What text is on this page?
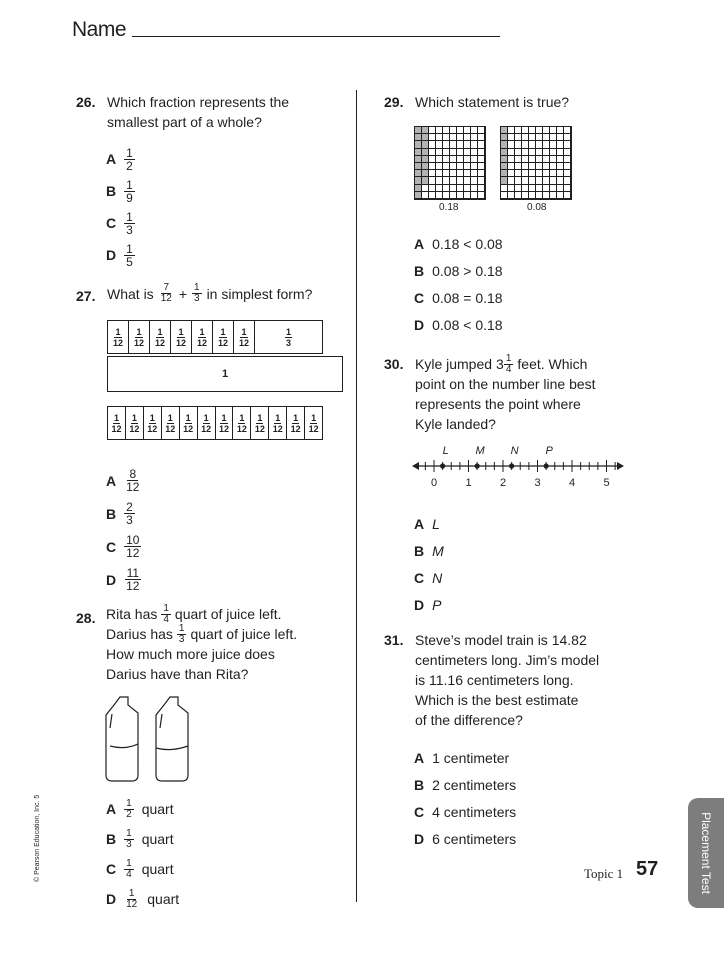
Name
26. Which fraction represents the
smallest part of a whole?
A $\frac{1}{2}$
B $\frac{1}{9}$
C $\frac{1}{3}$
D $\frac{1}{5}$
27. What is $\frac{7}{12} + \frac{1}{3}$ in simplest form?
1
12
1
12
1
12
1
12
1
12
1
12
1
12
1
3
1
1
12
1
12
1
12
1
12
1
12
1
12
1
12
1
12
1
12
1
12
1
12
1
12
A $\frac{8}{12}$
B $\frac{2}{3}$
C $\frac{10}{12}$
D $\frac{11}{12}$
28. Rita has $\frac{1}{4}$ quart of juice left.
Darius has $\frac{1}{3}$ quart of juice left.
How much more juice does
Darius have than Rita?
A $\frac{1}{2}$ quart
B $\frac{1}{3}$ quart
C $\frac{1}{4}$ quart
D $\frac{1}{12}$ quart
29. Which statement is true?
0.18	0.08
A 0.18 < 0.08
B 0.08 > 0.18
C 0.08 = 0.18
D 0.08 < 0.18
30. Kyle jumped $3 \frac{1}{4}$ feet. Which
point on the number line best
represents the point where
Kyle landed?
0	1	2	3	4	5
L M N P
A L
B M
C N
D P
31. Steve’s model train is 14.82
centimeters long. Jim’s model
is 11.16 centimeters long.
Which is the best estimate
of the difference?
A 1 centimeter
B 2 centimeters
C 4 centimeters
D 6 centimeters
© Pearson Education, Inc. 5	Placement Test
Topic 1 57
